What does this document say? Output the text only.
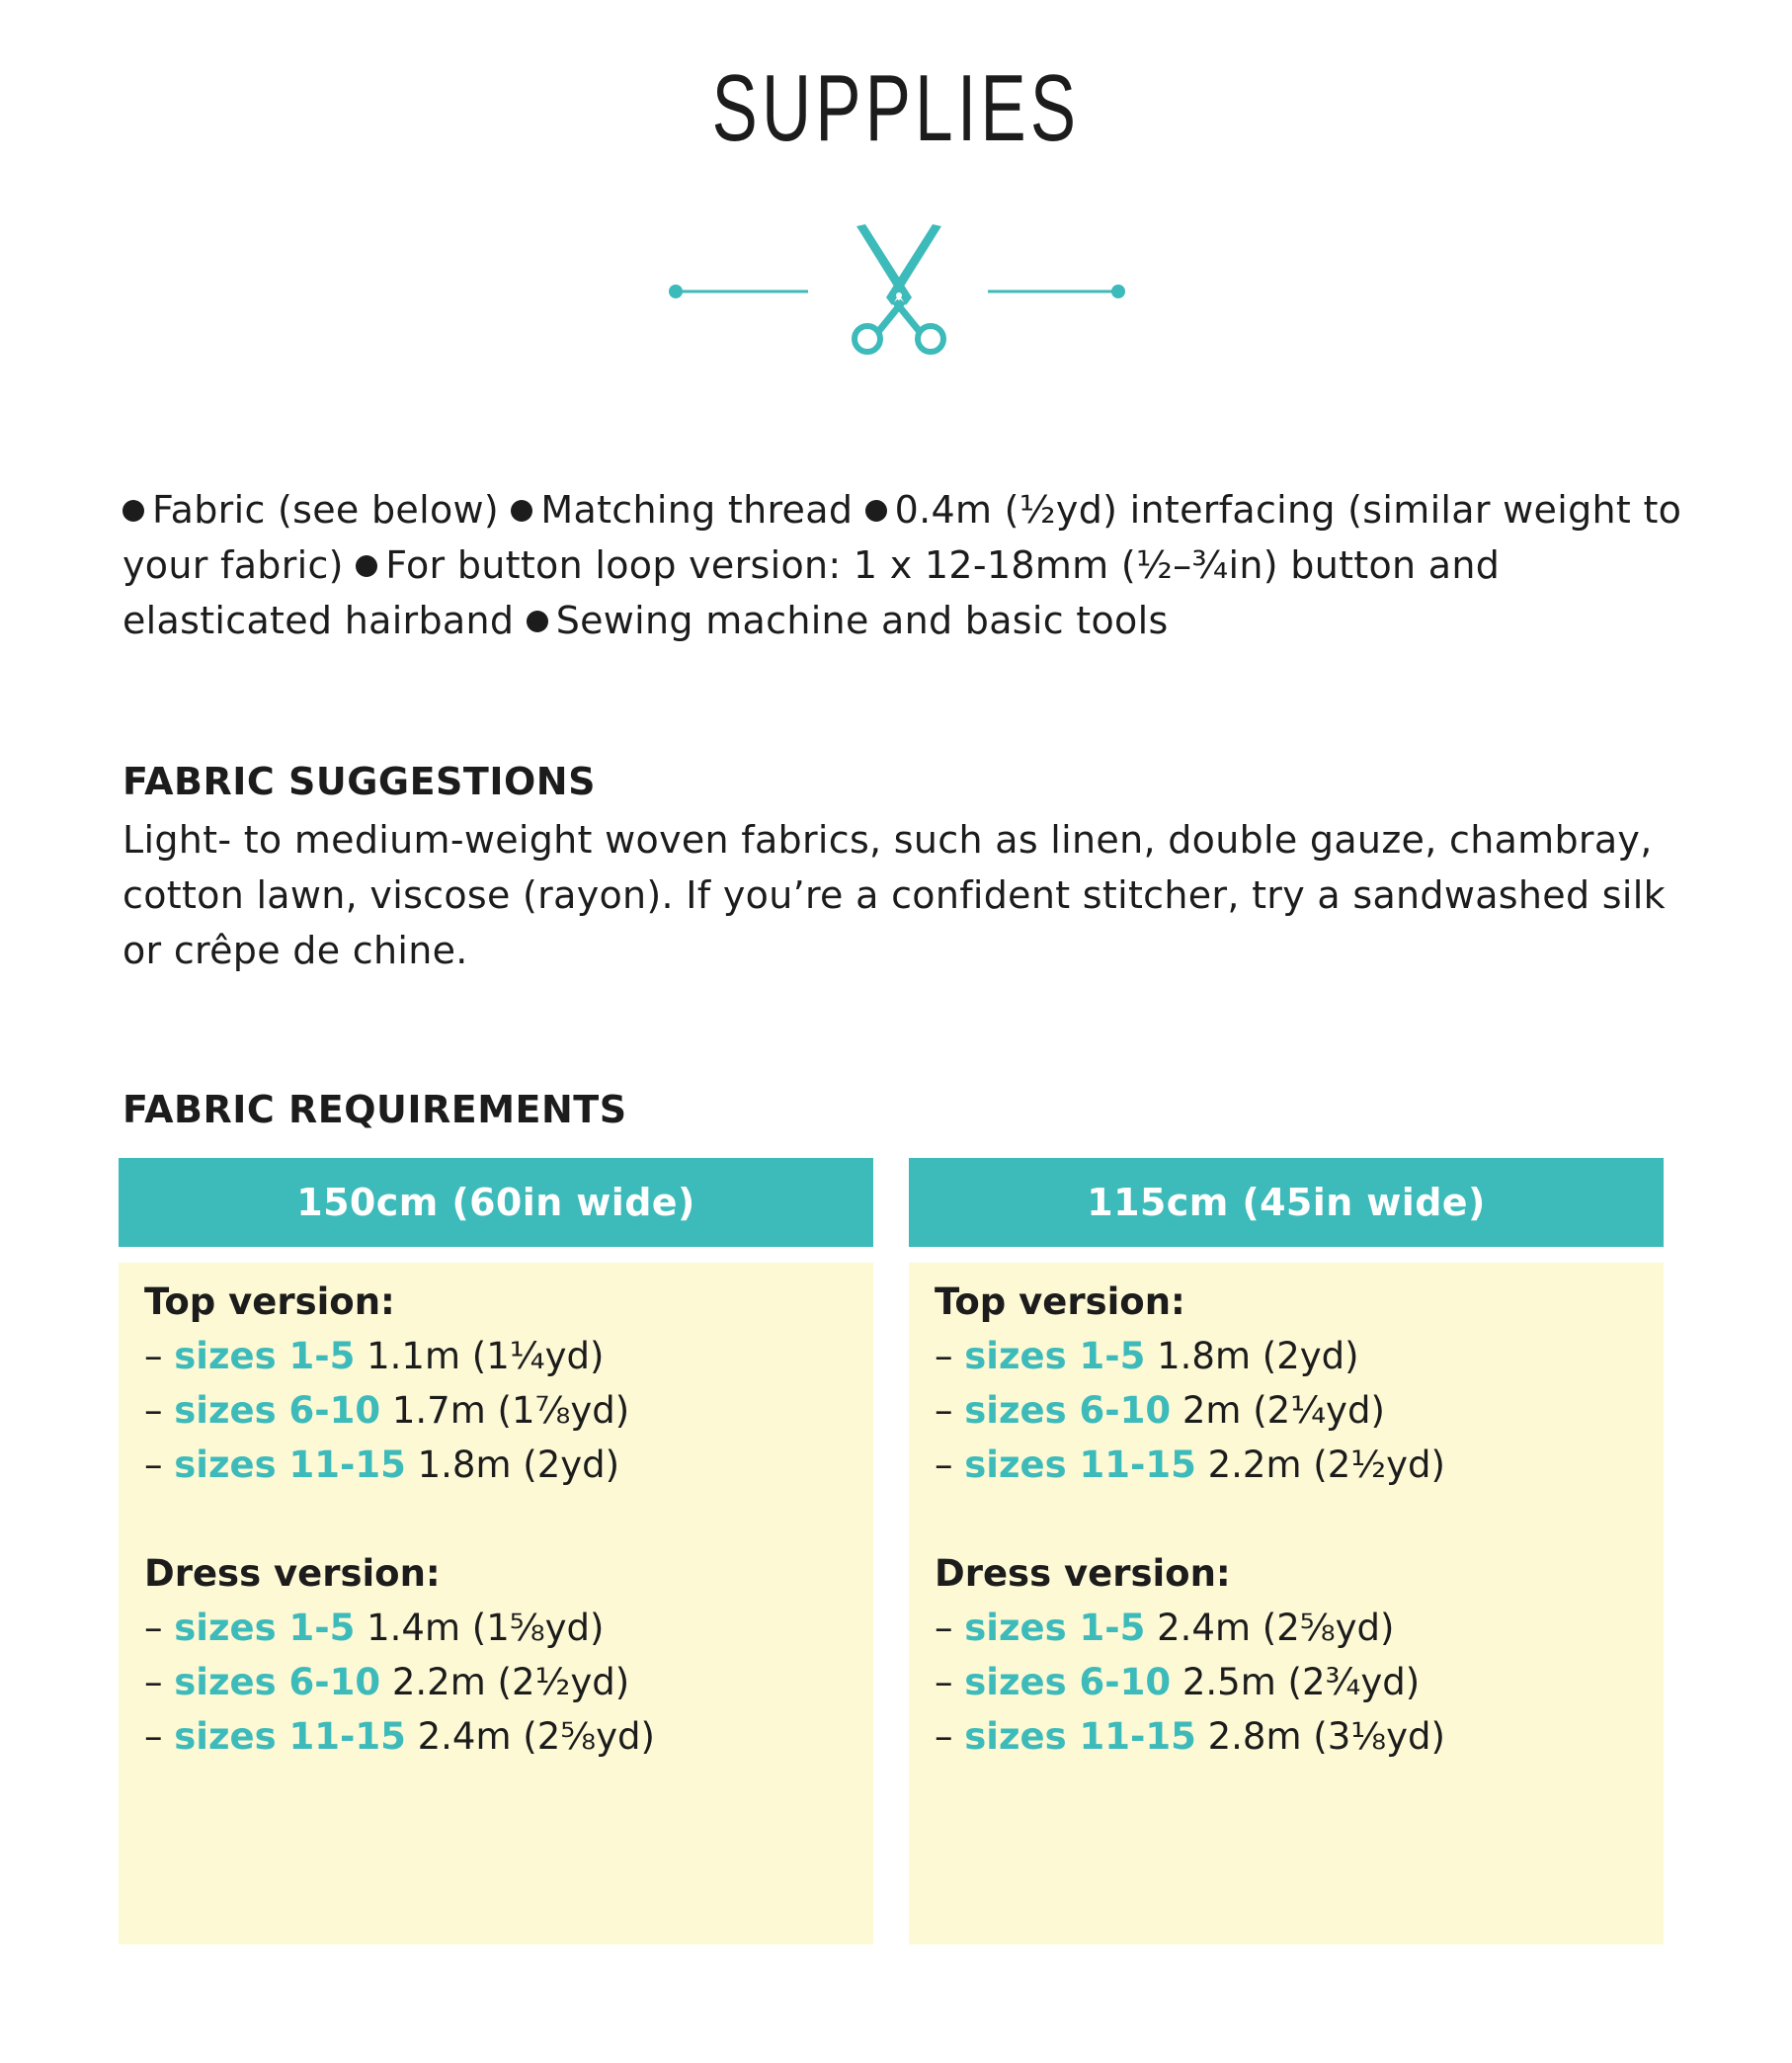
SUPPLIES
Fabric (see below) Matching thread 0.4m (½yd) interfacing (similar weight to your fabric) For button loop version: 1 x 12-18mm (½–¾in) button and elasticated hairband Sewing machine and basic tools
FABRIC SUGGESTIONS
Light- to medium-weight woven fabrics, such as linen, double gauze, chambray, cotton lawn, viscose (rayon). If you’re a confident stitcher, try a sandwashed silk or crêpe de chine.
FABRIC REQUIREMENTS
150cm (60in wide)
Top version:
– sizes 1-5 1.1m (1¼yd)
– sizes 6-10 1.7m (1⅞yd)
– sizes 11-15 1.8m (2yd)
Dress version:
– sizes 1-5 1.4m (1⅝yd)
– sizes 6-10 2.2m (2½yd)
– sizes 11-15 2.4m (2⅝yd)
115cm (45in wide)
Top version:
– sizes 1-5 1.8m (2yd)
– sizes 6-10 2m (2¼yd)
– sizes 11-15 2.2m (2½yd)
Dress version:
– sizes 1-5 2.4m (2⅝yd)
– sizes 6-10 2.5m (2¾yd)
– sizes 11-15 2.8m (3⅛yd)
